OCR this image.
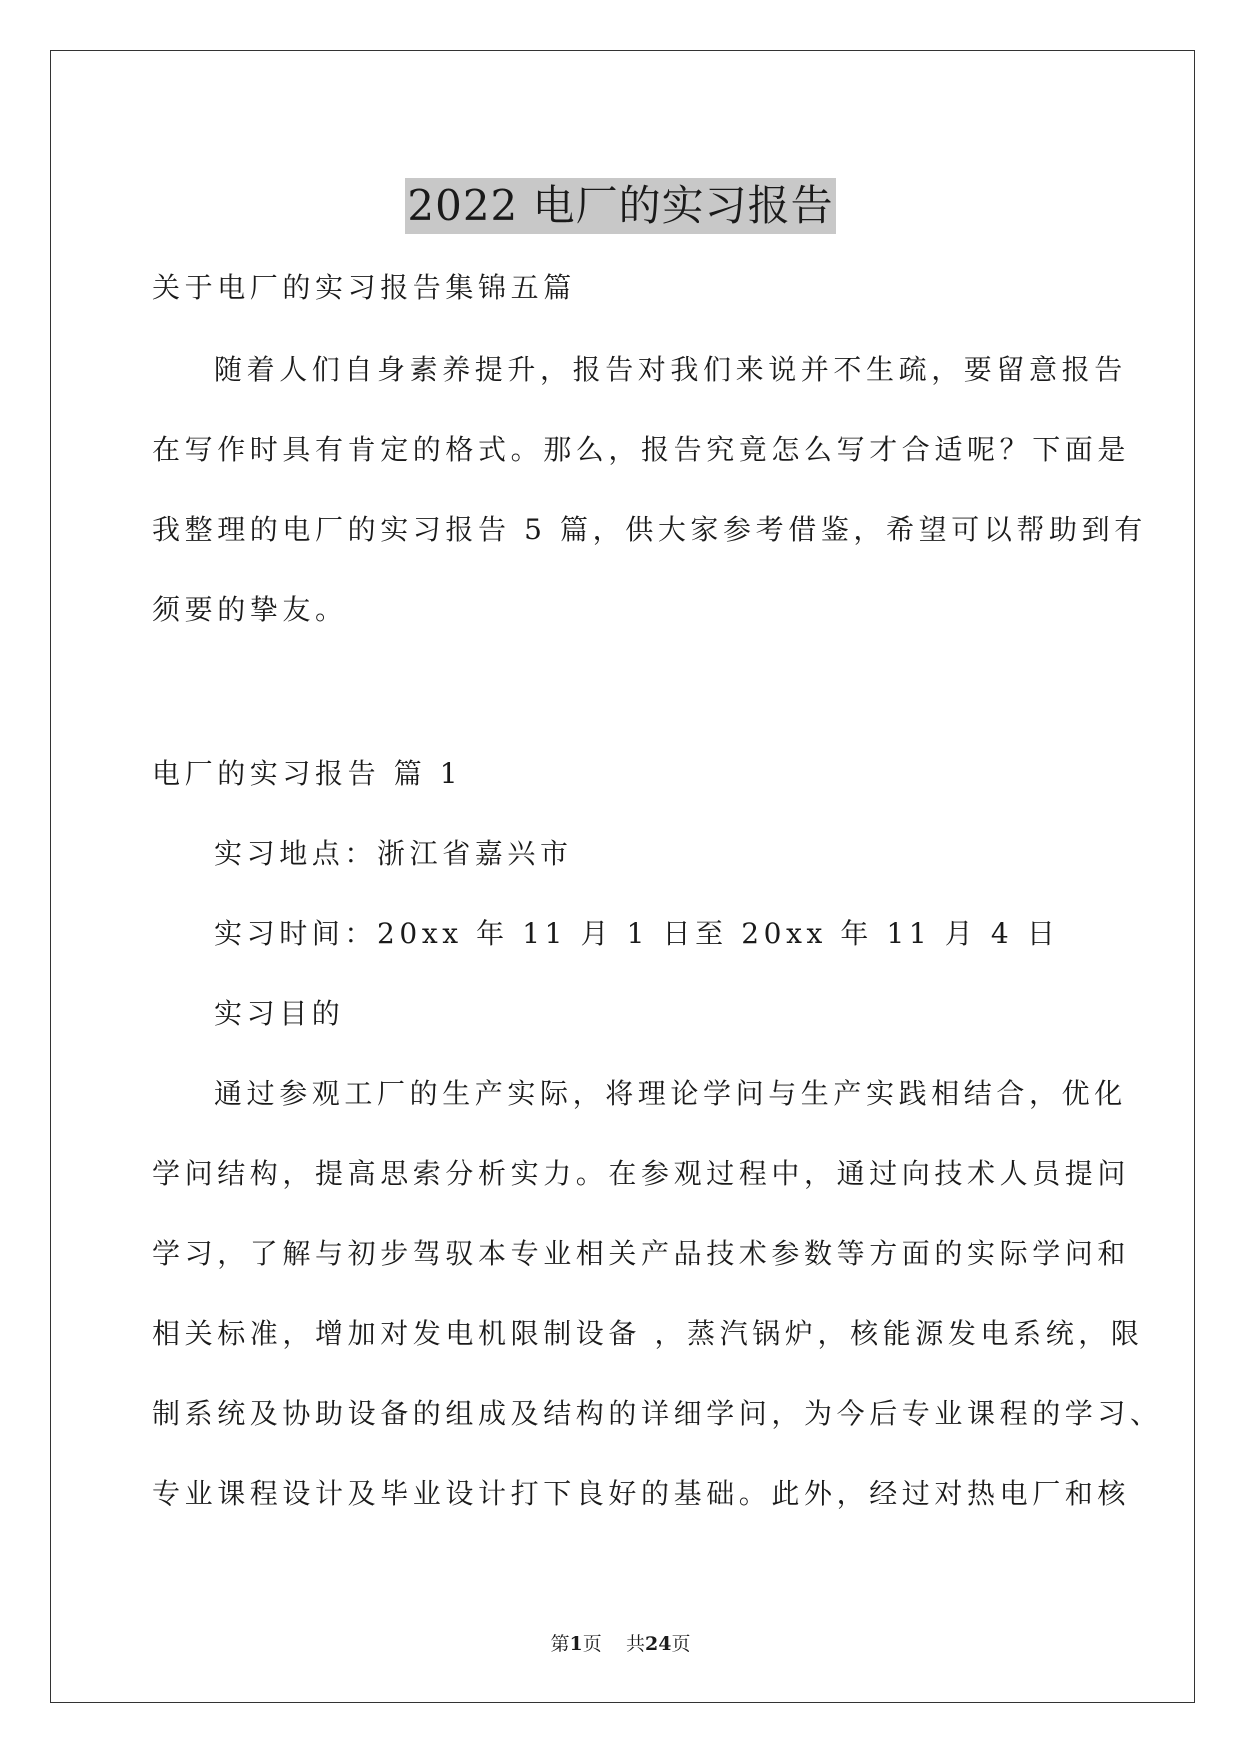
2022 电厂的实习报告
关于电厂的实习报告集锦五篇
随着人们自身素养提升，报告对我们来说并不生疏，要留意报告
在写作时具有肯定的格式。那么，报告究竟怎么写才合适呢？下面是
我整理的电厂的实习报告 5 篇，供大家参考借鉴，希望可以帮助到有
须要的挚友。
电厂的实习报告 篇 1
实习地点：浙江省嘉兴市
实习时间：20xx 年 11 月 1 日至 20xx 年 11 月 4 日
实习目的
通过参观工厂的生产实际，将理论学问与生产实践相结合，优化
学问结构，提高思索分析实力。在参观过程中，通过向技术人员提问
学习，了解与初步驾驭本专业相关产品技术参数等方面的实际学问和
相关标准，增加对发电机限制设备 ，蒸汽锅炉，核能源发电系统，限
制系统及协助设备的组成及结构的详细学问，为今后专业课程的学习、
专业课程设计及毕业设计打下良好的基础。此外，经过对热电厂和核
第1页 共24页
